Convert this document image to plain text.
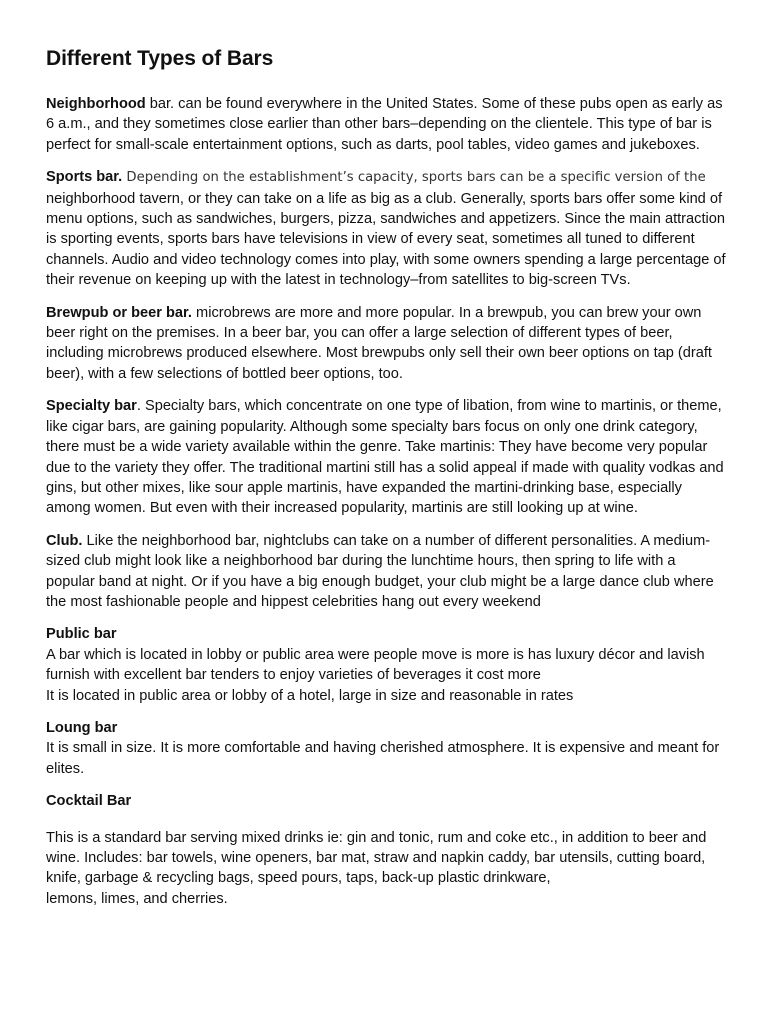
Different Types of Bars

Neighborhood bar. can be found everywhere in the United States. Some of these pubs open as early as 6 a.m., and they sometimes close earlier than other bars–depending on the clientele. This type of bar is perfect for small-scale entertainment options, such as darts, pool tables, video games and jukeboxes.

Sports bar. Depending on the establishment’s capacity, sports bars can be a specific version of the neighborhood tavern, or they can take on a life as big as a club. Generally, sports bars offer some kind of menu options, such as sandwiches, burgers, pizza, sandwiches and appetizers. Since the main attraction is sporting events, sports bars have televisions in view of every seat, sometimes all tuned to different channels. Audio and video technology comes into play, with some owners spending a large percentage of their revenue on keeping up with the latest in technology–from satellites to big-screen TVs.

Brewpub or beer bar. microbrews are more and more popular. In a brewpub, you can brew your own beer right on the premises. In a beer bar, you can offer a large selection of different types of beer, including microbrews produced elsewhere. Most brewpubs only sell their own beer options on tap (draft beer), with a few selections of bottled beer options, too.

Specialty bar. Specialty bars, which concentrate on one type of libation, from wine to martinis, or theme, like cigar bars, are gaining popularity. Although some specialty bars focus on only one drink category, there must be a wide variety available within the genre. Take martinis: They have become very popular due to the variety they offer. The traditional martini still has a solid appeal if made with quality vodkas and gins, but other mixes, like sour apple martinis, have expanded the martini-drinking base, especially among women. But even with their increased popularity, martinis are still looking up at wine.

Club. Like the neighborhood bar, nightclubs can take on a number of different personalities. A medium-sized club might look like a neighborhood bar during the lunchtime hours, then spring to life with a popular band at night. Or if you have a big enough budget, your club might be a large dance club where the most fashionable people and hippest celebrities hang out every weekend

Public bar

A bar which is located in lobby or public area were people move is more is has luxury décor and lavish furnish with excellent bar tenders to enjoy varieties of beverages it cost more

It is located in public area or lobby of a hotel, large in size and reasonable in rates

Loung bar

It is small in size. It is more comfortable and having cherished atmosphere. It is expensive and meant for elites.

Cocktail Bar

This is a standard bar serving mixed drinks ie: gin and tonic, rum and coke etc., in addition to beer and wine. Includes: bar towels, wine openers, bar mat, straw and napkin caddy, bar utensils, cutting board, knife, garbage & recycling bags, speed pours, taps, back-up plastic drinkware,

lemons, limes, and cherries.
